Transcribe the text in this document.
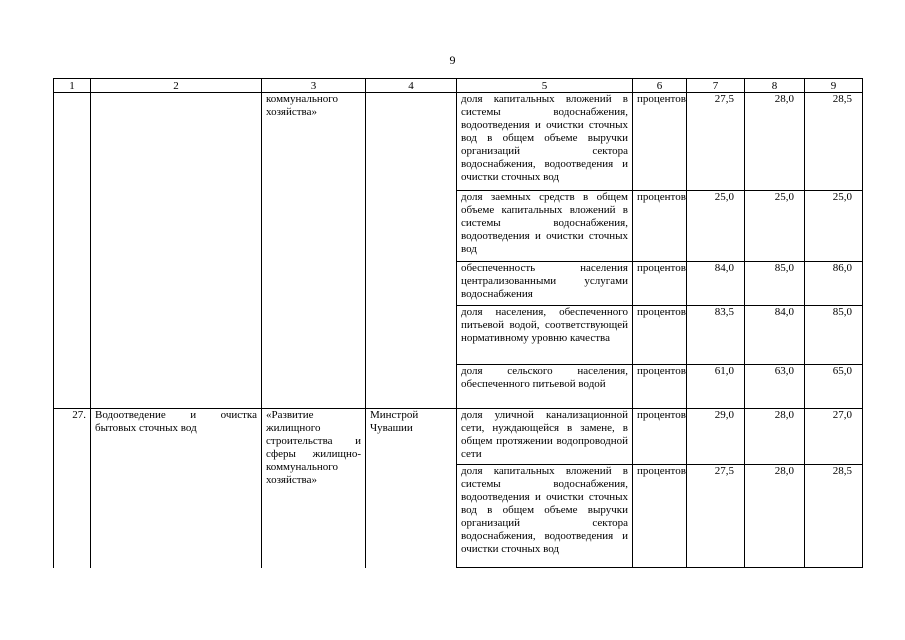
9
1	2	3	4	5	6	7	8	9
		коммунального хозяйства»		доля капитальных вложений в системы водоснабжения, водоотведения и очистки сточных вод в общем объеме выручки организаций сектора водоснабжения, водоотведения и очистки сточных вод	процентов	27,5	28,0	28,5
				доля заемных средств в общем объеме капитальных вложений в системы водоснабжения, водоотведения и очистки сточных вод	процентов	25,0	25,0	25,0
				обеспеченность населения централизованными услугами водоснабжения	процентов	84,0	85,0	86,0
				доля населения, обеспеченного питьевой водой, соответствующей нормативному уровню качества	процентов	83,5	84,0	85,0
				доля сельского населения, обеспеченного питьевой водой	процентов	61,0	63,0	65,0
27.	Водоотведение и очистка бытовых сточных вод	«Развитие жилищного строительства и сферы жилищно-коммунального хозяйства»	Минстрой Чувашии	доля уличной канализационной сети, нуждающейся в замене, в общем протяжении водопроводной сети	процентов	29,0	28,0	27,0
				доля капитальных вложений в системы водоснабжения, водоотведения и очистки сточных вод в общем объеме выручки организаций сектора водоснабжения, водоотведения и очистки сточных вод	процентов	27,5	28,0	28,5
